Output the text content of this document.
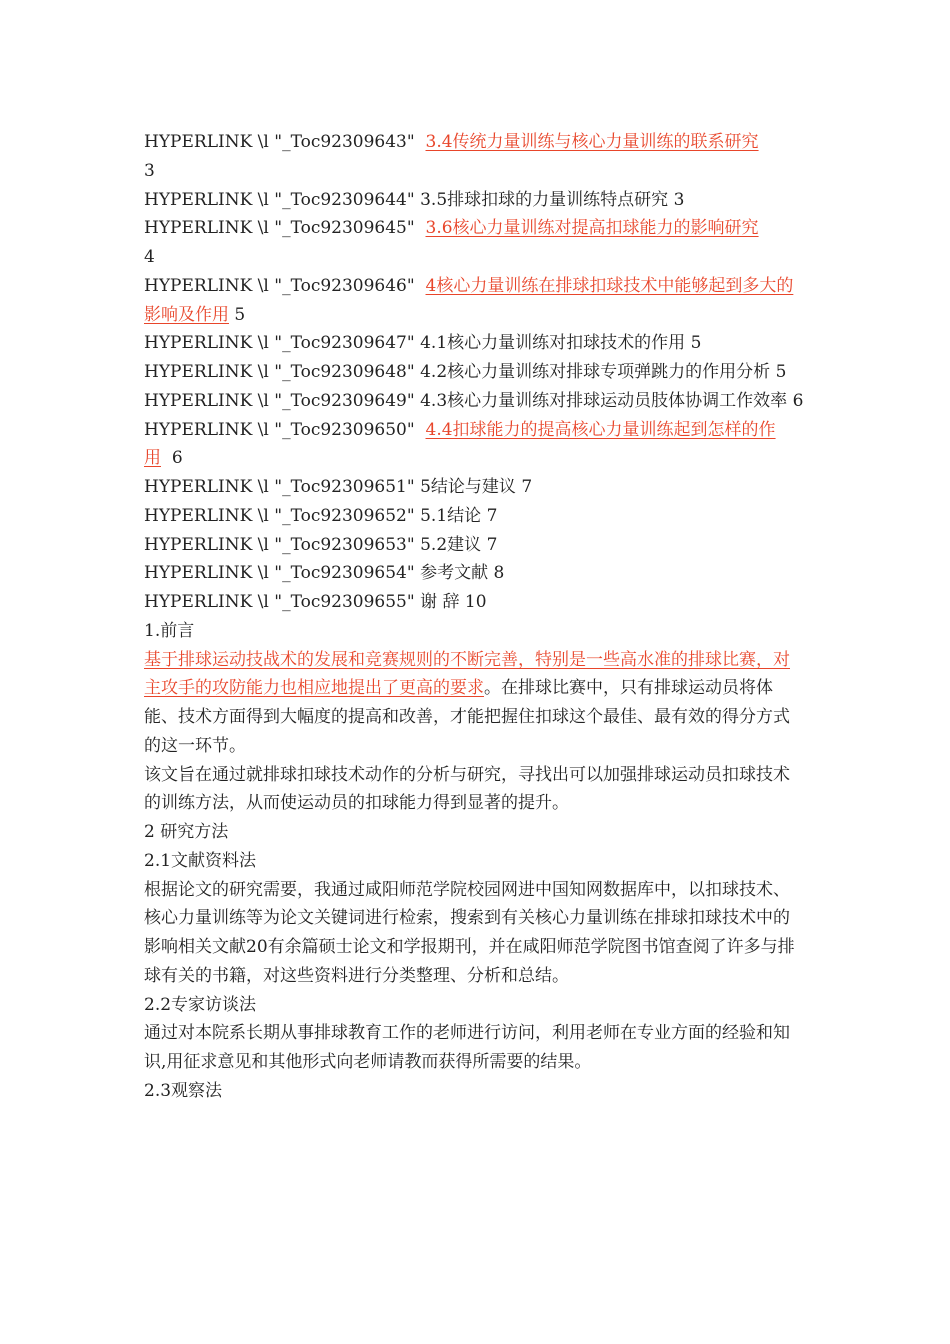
HYPERLINK \l "_Toc92309643" 3.4传统力量训练与核心力量训练的联系研究
3
HYPERLINK \l "_Toc92309644" 3.5排球扣球的力量训练特点研究 3
HYPERLINK \l "_Toc92309645" 3.6核心力量训练对提高扣球能力的影响研究
4
HYPERLINK \l "_Toc92309646" 4核心力量训练在排球扣球技术中能够起到多大的影响及作用 5
HYPERLINK \l "_Toc92309647" 4.1核心力量训练对扣球技术的作用 5
HYPERLINK \l "_Toc92309648" 4.2核心力量训练对排球专项弹跳力的作用分析 5
HYPERLINK \l "_Toc92309649" 4.3核心力量训练对排球运动员肢体协调工作效率 6
HYPERLINK \l "_Toc92309650" 4.4扣球能力的提高核心力量训练起到怎样的作用 6
HYPERLINK \l "_Toc92309651" 5结论与建议 7
HYPERLINK \l "_Toc92309652" 5.1结论 7
HYPERLINK \l "_Toc92309653" 5.2建议 7
HYPERLINK \l "_Toc92309654" 参考文献 8
HYPERLINK \l "_Toc92309655" 谢 辞 10
1.前言
基于排球运动技战术的发展和竞赛规则的不断完善，特别是一些高水准的排球比赛，对主攻手的攻防能力也相应地提出了更高的要求。在排球比赛中，只有排球运动员将体能、技术方面得到大幅度的提高和改善，才能把握住扣球这个最佳、最有效的得分方式的这一环节。
该文旨在通过就排球扣球技术动作的分析与研究，寻找出可以加强排球运动员扣球技术的训练方法，从而使运动员的扣球能力得到显著的提升。
2 研究方法
2.1文献资料法
根据论文的研究需要，我通过咸阳师范学院校园网进中国知网数据库中，以扣球技术、核心力量训练等为论文关键词进行检索，搜索到有关核心力量训练在排球扣球技术中的影响相关文献20有余篇硕士论文和学报期刊，并在咸阳师范学院图书馆查阅了许多与排球有关的书籍，对这些资料进行分类整理、分析和总结。
2.2专家访谈法
通过对本院系长期从事排球教育工作的老师进行访问，利用老师在专业方面的经验和知识,用征求意见和其他形式向老师请教而获得所需要的结果。
2.3观察法
